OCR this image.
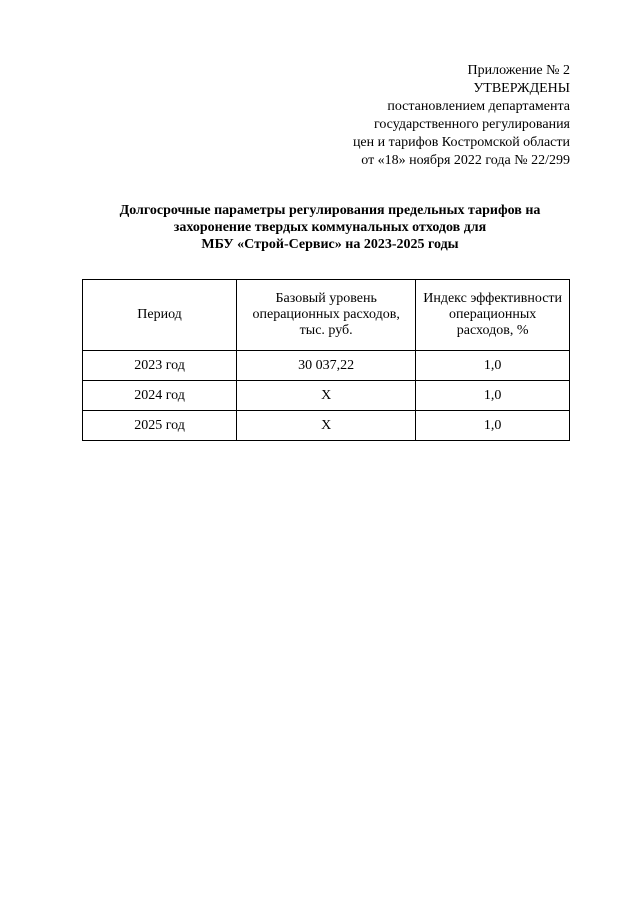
Приложение № 2
УТВЕРЖДЕНЫ
постановлением департамента
государственного регулирования
цен и тарифов Костромской области
от «18» ноября 2022 года № 22/299
Долгосрочные параметры регулирования предельных тарифов на
захоронение твердых коммунальных отходов для
МБУ «Строй-Сервис» на 2023-2025 годы
Период	Базовый уровень операционных расходов, тыс. руб.	Индекс эффективности операционных расходов, %
2023 год	30 037,22	1,0
2024 год	Х	1,0
2025 год	Х	1,0
